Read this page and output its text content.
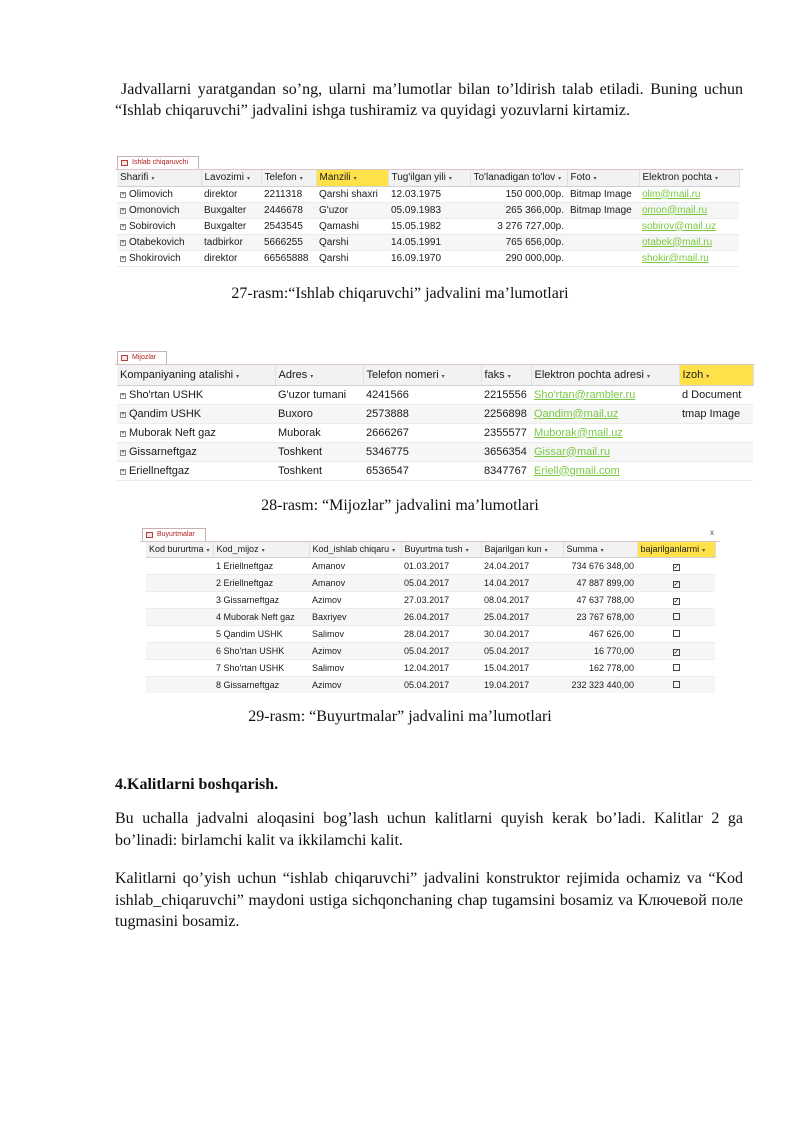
Jadvallarni yaratgandan so’ng, ularni ma’lumotlar bilan to’ldirish talab etiladi. Buning uchun “Ishlab chiqaruvchi” jadvalini ishga tushiramiz va quyidagi yozuvlarni kirtamiz.

Ishlab chiqaruvchi
Sharifi ▾	Lavozimi ▾	Telefon ▾	Manzili ▾	Tug'ilgan yili ▾	To'lanadigan to'lov ▾	Foto ▾	Elektron pochta ▾
+ Olimovich	direktor	2211318	Qarshi shaxri	12.03.1975	150 000,00p.	Bitmap Image	olim@mail.ru
+ Omonovich	Buxgalter	2446678	G'uzor	05.09.1983	265 366,00p.	Bitmap Image	omon@mail.ru
+ Sobirovich	Buxgalter	2543545	Qamashi	15.05.1982	3 276 727,00p.		sobirov@mail.uz
+ Otabekovich	tadbirkor	5666255	Qarshi	14.05.1991	765 656,00p.		otabek@mail.ru
+ Shokirovich	direktor	66565888	Qarshi	16.09.1970	290 000,00p.		shokir@mail.ru

27-rasm:“Ishlab chiqaruvchi” jadvalini ma’lumotlari

Mijozlar
Kompaniyaning atalishi ▾	Adres ▾	Telefon nomeri ▾	faks ▾	Elektron pochta adresi ▾	Izoh ▾
+ Sho'rtan USHK	G'uzor tumani	4241566	2215556	Sho'rtan@rambler.ru	d Document
+ Qandim USHK	Buxoro	2573888	2256898	Qandim@mail.uz	tmap Image
+ Muborak Neft gaz	Muborak	2666267	2355577	Muborak@mail.uz	
+ Gissarneftgaz	Toshkent	5346775	3656354	Gissar@mail.ru	
+ Eriellneftgaz	Toshkent	6536547	8347767	Eriell@gmail.com	

28-rasm: “Mijozlar” jadvalini ma’lumotlari

Buyurtmalar	x
Kod bururtma ▾	Kod_mijoz ▾	Kod_ishlab chiqaru ▾	Buyurtma tush ▾	Bajarilgan kun ▾	Summa ▾	bajarilganlarmi ▾
	1 Eriellneftgaz	Amanov	01.03.2017	24.04.2017	734 676 348,00	✓
	2 Eriellneftgaz	Amanov	05.04.2017	14.04.2017	47 887 899,00	✓
	3 Gissarneftgaz	Azimov	27.03.2017	08.04.2017	47 637 788,00	✓
	4 Muborak Neft gaz	Baxriyev	26.04.2017	25.04.2017	23 767 678,00	
	5 Qandim USHK	Salimov	28.04.2017	30.04.2017	467 626,00	
	6 Sho'rtan USHK	Azimov	05.04.2017	05.04.2017	16 770,00	✓
	7 Sho'rtan USHK	Salimov	12.04.2017	15.04.2017	162 778,00	
	8 Gissarneftgaz	Azimov	05.04.2017	19.04.2017	232 323 440,00	

29-rasm: “Buyurtmalar” jadvalini ma’lumotlari

4.Kalitlarni boshqarish.

Bu uchalla jadvalni aloqasini bog’lash uchun kalitlarni quyish kerak bo’ladi. Kalitlar 2 ga bo’linadi: birlamchi kalit va ikkilamchi kalit.

Kalitlarni qo’yish uchun “ishlab chiqaruvchi” jadvalini konstruktor rejimida ochamiz va “Kod ishlab_chiqaruvchi” maydoni ustiga sichqonchaning chap tugamsini bosamiz va Ключевой поле tugmasini bosamiz.
